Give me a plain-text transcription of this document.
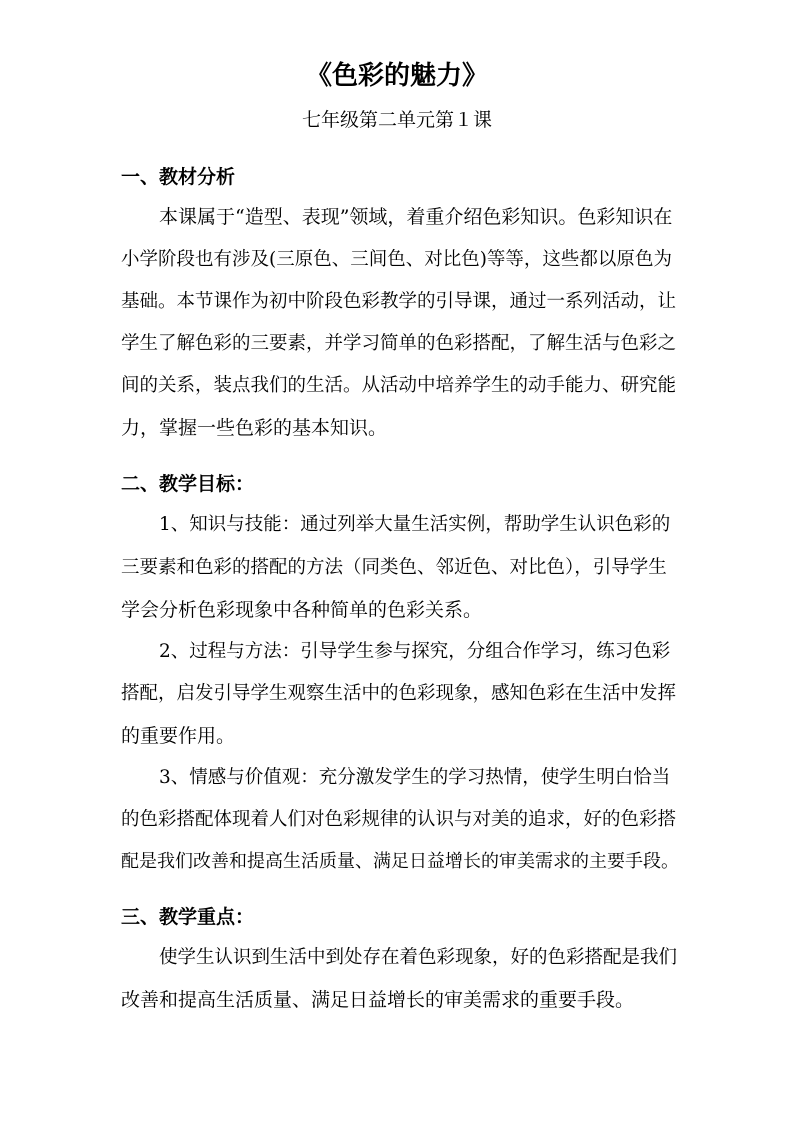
《色彩的魅力》
七年级第二单元第１课
一、教材分析
本课属于“造型、表现”领域，着重介绍色彩知识。色彩知识在
小学阶段也有涉及(三原色、三间色、对比色)等等，这些都以原色为
基础。本节课作为初中阶段色彩教学的引导课，通过一系列活动，让
学生了解色彩的三要素，并学习简单的色彩搭配，了解生活与色彩之
间的关系，装点我们的生活。从活动中培养学生的动手能力、研究能
力，掌握一些色彩的基本知识。
二、教学目标：
1、知识与技能：通过列举大量生活实例，帮助学生认识色彩的
三要素和色彩的搭配的方法（同类色、邻近色、对比色），引导学生
学会分析色彩现象中各种简单的色彩关系。
2、过程与方法：引导学生参与探究，分组合作学习，练习色彩
搭配，启发引导学生观察生活中的色彩现象，感知色彩在生活中发挥
的重要作用。
3、情感与价值观：充分激发学生的学习热情，使学生明白恰当
的色彩搭配体现着人们对色彩规律的认识与对美的追求，好的色彩搭
配是我们改善和提高生活质量、满足日益增长的审美需求的主要手段。
三、教学重点：
使学生认识到生活中到处存在着色彩现象，好的色彩搭配是我们
改善和提高生活质量、满足日益增长的审美需求的重要手段。
